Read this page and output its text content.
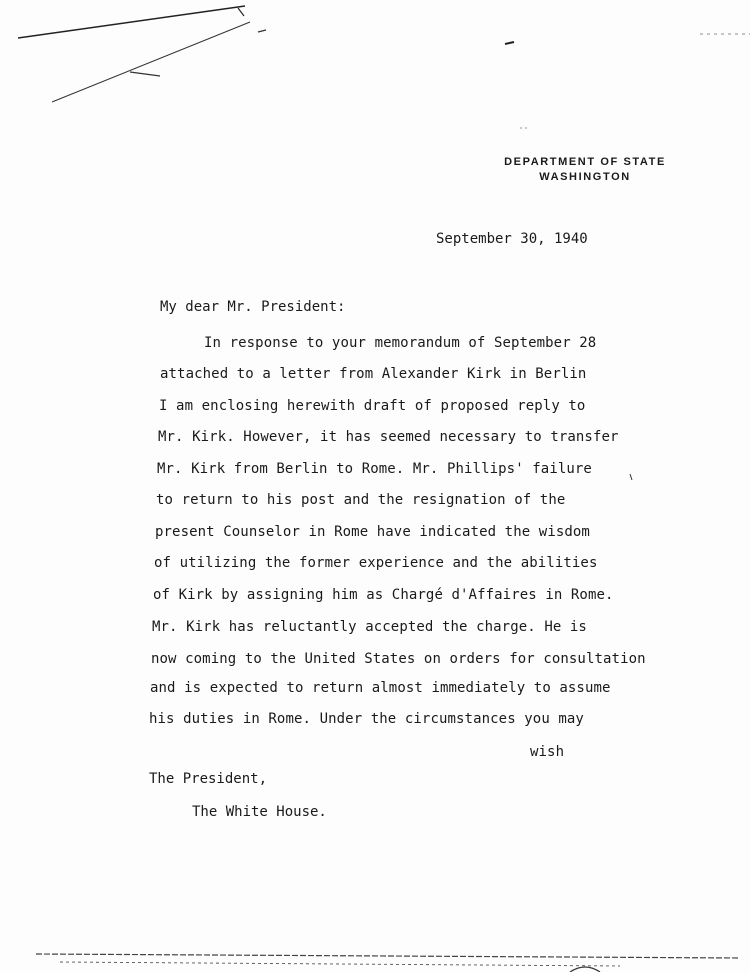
DEPARTMENT OF STATE
WASHINGTON
September 30, 1940
My dear Mr. President:
In response to your memorandum of September 28
attached to a letter from Alexander Kirk in Berlin
I am enclosing herewith draft of proposed reply to
Mr. Kirk. However, it has seemed necessary to transfer
Mr. Kirk from Berlin to Rome. Mr. Phillips' failure
to return to his post and the resignation of the
present Counselor in Rome have indicated the wisdom
of utilizing the former experience and the abilities
of Kirk by assigning him as Chargé d'Affaires in Rome.
Mr. Kirk has reluctantly accepted the charge. He is
now coming to the United States on orders for consultation
and is expected to return almost immediately to assume
his duties in Rome. Under the circumstances you may
wish
The President,
The White House.
